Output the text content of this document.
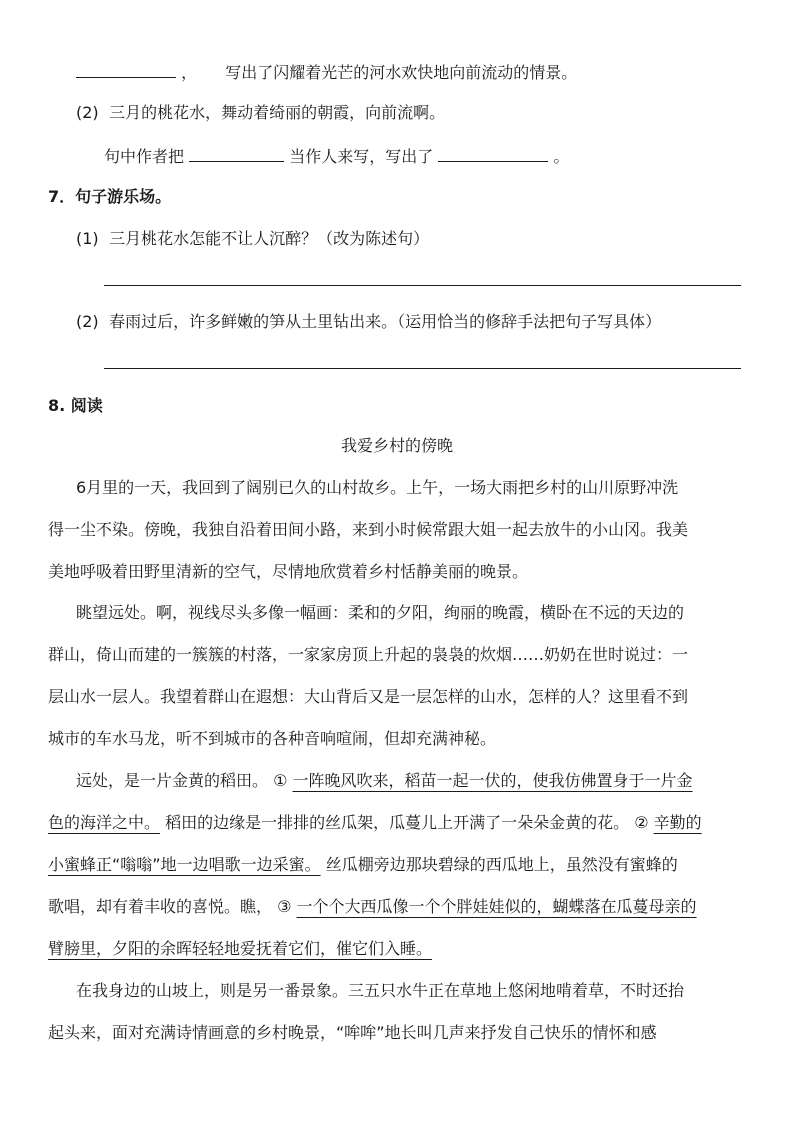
， 写出了闪耀着光芒的河水欢快地向前流动的情景。
(2) 三月的桃花水，舞动着绮丽的朝霞，向前流啊。
句中作者把	当作人来写，写出了	。
7．句子游乐场。
(1) 三月桃花水怎能不让人沉醉？（改为陈述句）
(2) 春雨过后，许多鲜嫩的笋从土里钻出来。（运用恰当的修辞手法把句子写具体）
8. 阅读
我爱乡村的傍晚
6月里的一天，我回到了阔别已久的山村故乡。上午，一场大雨把乡村的山川原野冲洗
得一尘不染。傍晚，我独自沿着田间小路，来到小时候常跟大姐一起去放牛的小山冈。我美
美地呼吸着田野里清新的空气，尽情地欣赏着乡村恬静美丽的晚景。
眺望远处。啊，视线尽头多像一幅画：柔和的夕阳，绚丽的晚霞，横卧在不远的天边的
群山，倚山而建的一簇簇的村落，一家家房顶上升起的袅袅的炊烟……奶奶在世时说过：一
层山水一层人。我望着群山在遐想：大山背后又是一层怎样的山水，怎样的人？这里看不到
城市的车水马龙，听不到城市的各种音响喧闹，但却充满神秘。
远处，是一片金黄的稻田。 ① 一阵晚风吹来，稻苗一起一伏的，使我仿佛置身于一片金
色的海洋之中。 稻田的边缘是一排排的丝瓜架，瓜蔓儿上开满了一朵朵金黄的花。 ② 辛勤的
小蜜蜂正“嗡嗡”地一边唱歌一边采蜜。 丝瓜棚旁边那块碧绿的西瓜地上，虽然没有蜜蜂的
歌唱，却有着丰收的喜悦。瞧， ③ 一个个大西瓜像一个个胖娃娃似的，蝴蝶落在瓜蔓母亲的
臂膀里，夕阳的余晖轻轻地爱抚着它们，催它们入睡。
在我身边的山坡上，则是另一番景象。三五只水牛正在草地上悠闲地啃着草，不时还抬
起头来，面对充满诗情画意的乡村晚景，“哞哞”地长叫几声来抒发自己快乐的情怀和感
